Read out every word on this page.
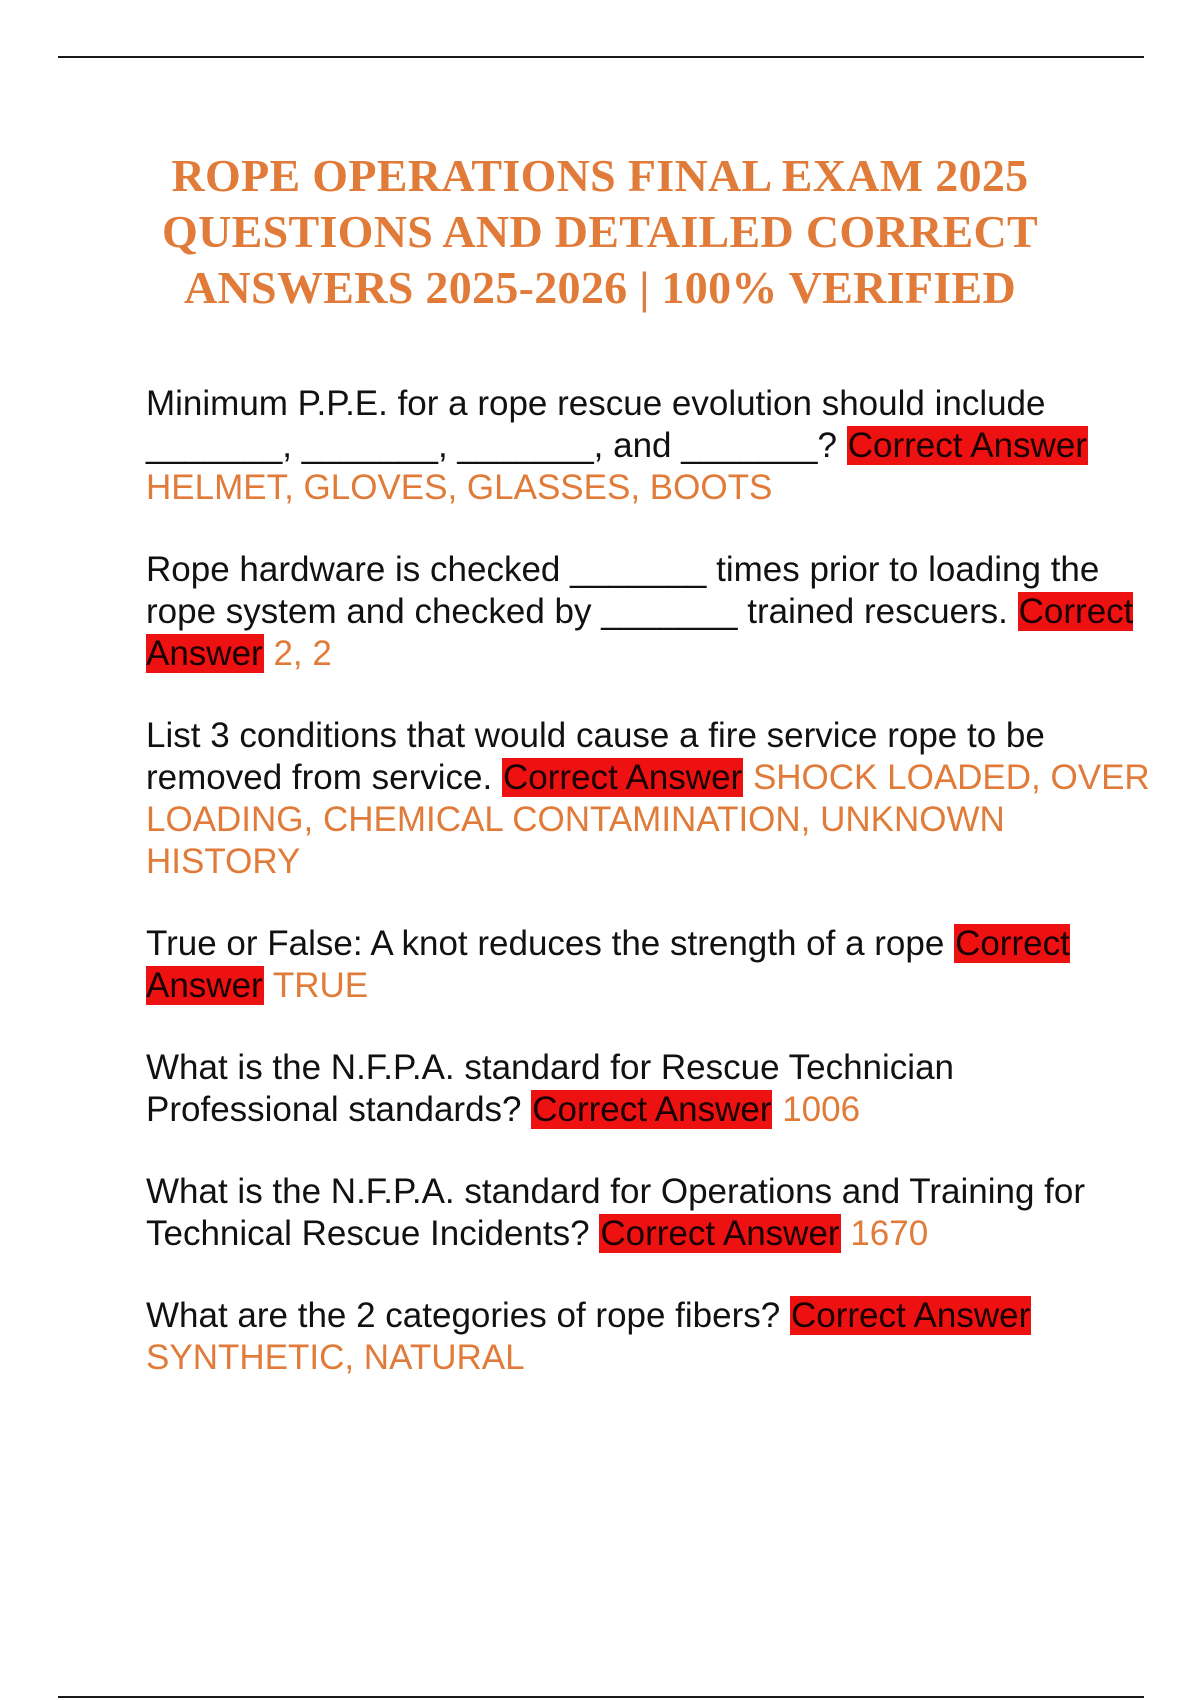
ROPE OPERATIONS FINAL EXAM 2025
QUESTIONS AND DETAILED CORRECT
ANSWERS 2025-2026 | 100% VERIFIED

Minimum P.P.E. for a rope rescue evolution should include _______, _______, _______, and _______? Correct Answer HELMET, GLOVES, GLASSES, BOOTS

Rope hardware is checked _______ times prior to loading the rope system and checked by _______ trained rescuers. Correct Answer 2, 2

List 3 conditions that would cause a fire service rope to be removed from service. Correct Answer SHOCK LOADED, OVER LOADING, CHEMICAL CONTAMINATION, UNKNOWN HISTORY

True or False: A knot reduces the strength of a rope Correct Answer TRUE

What is the N.F.P.A. standard for Rescue Technician Professional standards? Correct Answer 1006

What is the N.F.P.A. standard for Operations and Training for Technical Rescue Incidents? Correct Answer 1670

What are the 2 categories of rope fibers? Correct Answer SYNTHETIC, NATURAL
